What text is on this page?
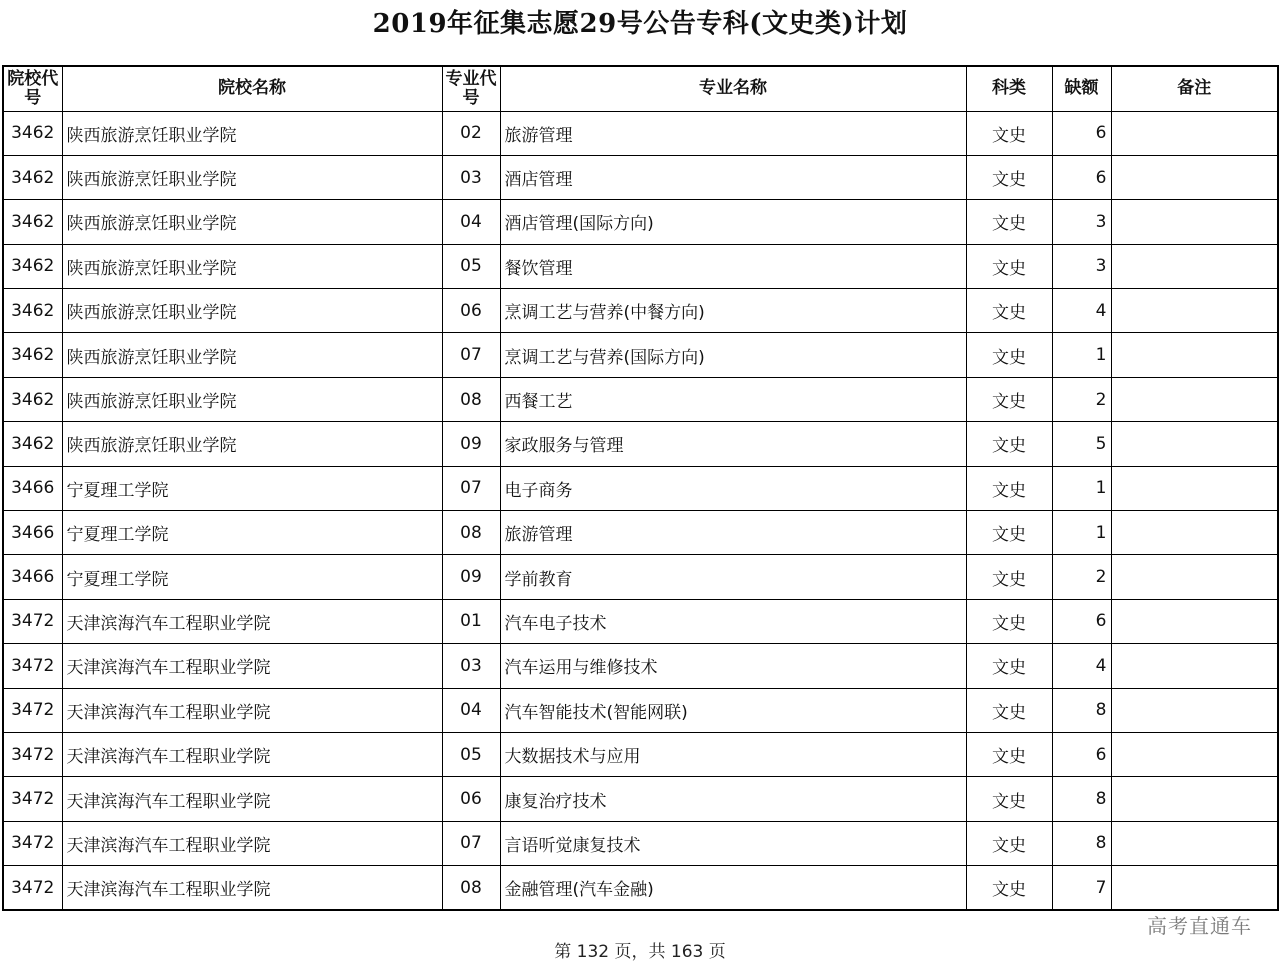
2019年征集志愿29号公告专科(文史类)计划
院校代号	院校名称	专业代号	专业名称	科类	缺额	备注
3462	陕西旅游烹饪职业学院	02	旅游管理	文史	6	
3462	陕西旅游烹饪职业学院	03	酒店管理	文史	6	
3462	陕西旅游烹饪职业学院	04	酒店管理(国际方向)	文史	3	
3462	陕西旅游烹饪职业学院	05	餐饮管理	文史	3	
3462	陕西旅游烹饪职业学院	06	烹调工艺与营养(中餐方向)	文史	4	
3462	陕西旅游烹饪职业学院	07	烹调工艺与营养(国际方向)	文史	1	
3462	陕西旅游烹饪职业学院	08	西餐工艺	文史	2	
3462	陕西旅游烹饪职业学院	09	家政服务与管理	文史	5	
3466	宁夏理工学院	07	电子商务	文史	1	
3466	宁夏理工学院	08	旅游管理	文史	1	
3466	宁夏理工学院	09	学前教育	文史	2	
3472	天津滨海汽车工程职业学院	01	汽车电子技术	文史	6	
3472	天津滨海汽车工程职业学院	03	汽车运用与维修技术	文史	4	
3472	天津滨海汽车工程职业学院	04	汽车智能技术(智能网联)	文史	8	
3472	天津滨海汽车工程职业学院	05	大数据技术与应用	文史	6	
3472	天津滨海汽车工程职业学院	06	康复治疗技术	文史	8	
3472	天津滨海汽车工程职业学院	07	言语听觉康复技术	文史	8	
3472	天津滨海汽车工程职业学院	08	金融管理(汽车金融)	文史	7	
高考直通车
第 132 页，共 163 页
